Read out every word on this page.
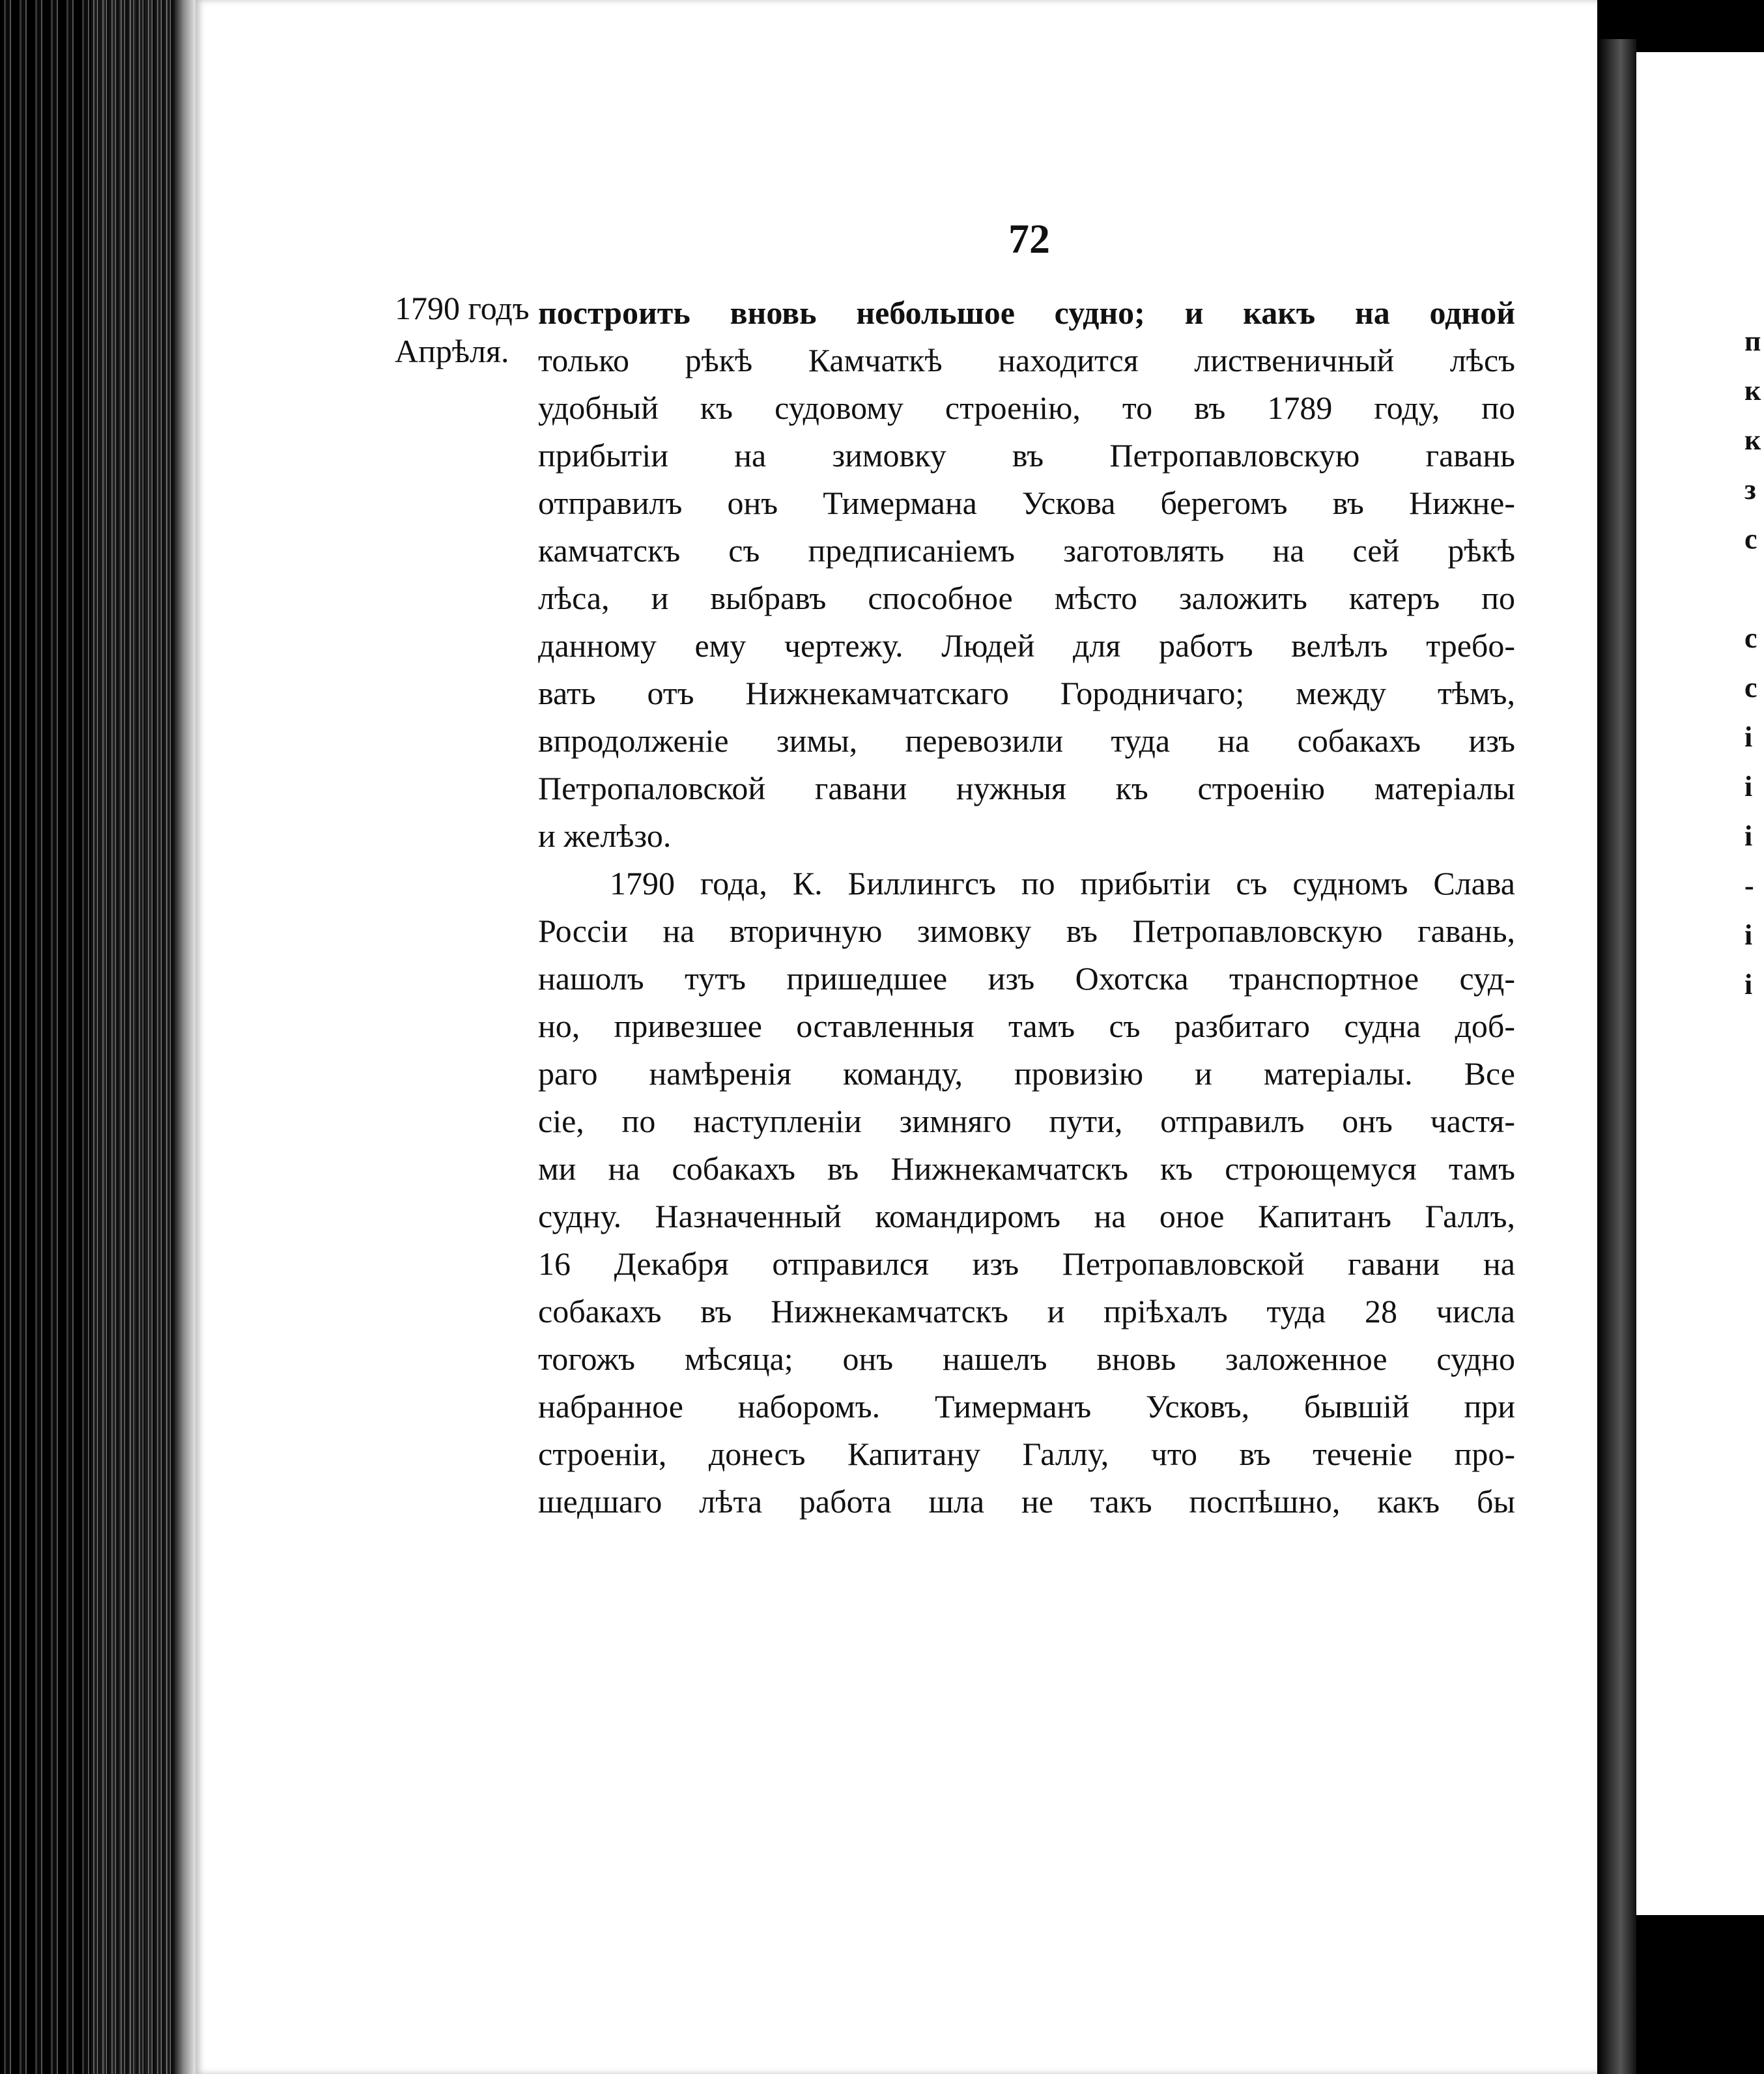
п
к
к
з
с
с
с
і
і
і
-
і
і
72
1790 годъ
Апрѣля.
построить вновь небольшое судно; и какъ на одной
только рѣкѣ Камчаткѣ находится лиственичный лѣсъ
удобный къ судовому строенію, то въ 1789 году, по
прибытіи на зимовку въ Петропавловскую гавань
отправилъ онъ Тимермана Ускова берегомъ въ Нижне-
камчатскъ съ предписаніемъ заготовлять на сей рѣкѣ
лѣса, и выбравъ способное мѣсто заложить катеръ по
данному ему чертежу. Людей для работъ велѣлъ требо-
вать отъ Нижнекамчатскаго Городничаго; между тѣмъ,
впродолженіе зимы, перевозили туда на собакахъ изъ
Петропаловской гавани нужныя къ строенію матеріалы
и желѣзо.
1790 года, К. Биллингсъ по прибытіи съ судномъ Слава
Россіи на вторичную зимовку въ Петропавловскую гавань,
нашолъ тутъ пришедшее изъ Охотска транспортное суд-
но, привезшее оставленныя тамъ съ разбитаго судна доб-
раго намѣренія команду, провизію и матеріалы. Все
сіе, по наступленіи зимняго пути, отправилъ онъ частя-
ми на собакахъ въ Нижнекамчатскъ къ строющемуся тамъ
судну. Назначенный командиромъ на оное Капитанъ Галлъ,
16 Декабря отправился изъ Петропавловской гавани на
собакахъ въ Нижнекамчатскъ и пріѣхалъ туда 28 числа
тогожъ мѣсяца; онъ нашелъ вновь заложенное судно
набранное наборомъ. Тимерманъ Усковъ, бывшій при
строеніи, донесъ Капитану Галлу, что въ теченіе про-
шедшаго лѣта работа шла не такъ поспѣшно, какъ бы
